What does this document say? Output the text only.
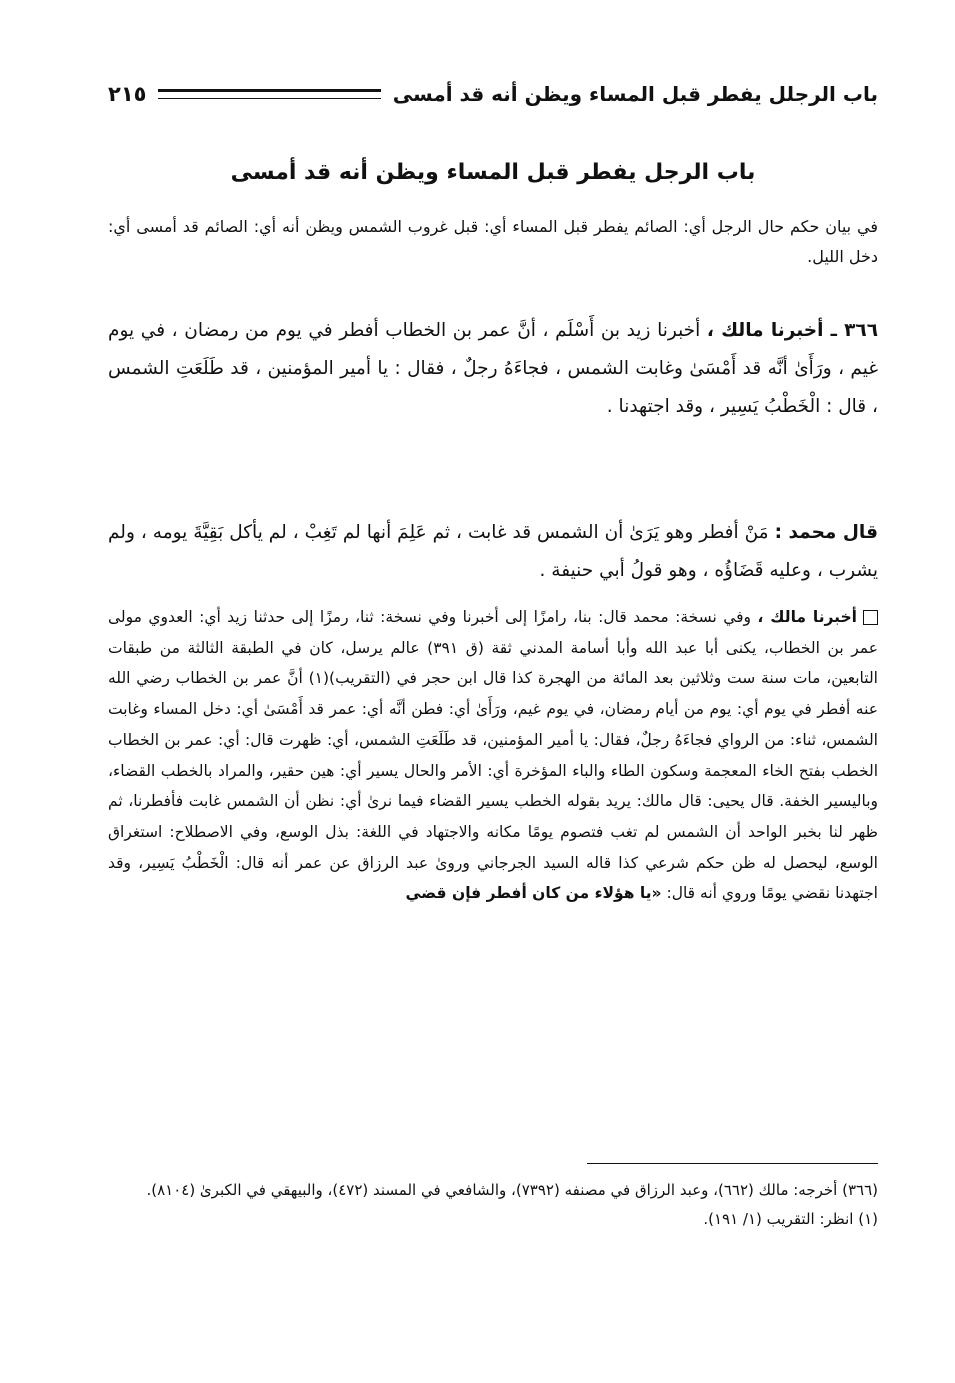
باب الرجلل يفطر قبل المساء ويظن أنه قد أمسى
٢١٥
باب الرجل يفطر قبل المساء ويظن أنه قد أمسى

في بيان حكم حال الرجل أي: الصائم يفطر قبل المساء أي: قبل غروب الشمس ويظن أنه أي: الصائم قد أمسى أي: دخل الليل.

٣٦٦ ـ أخبرنا مالك ، أخبرنا زيد بن أَسْلَم ، أنَّ عمر بن الخطاب أفطر في يوم من رمضان ، في يوم غيم ، ورَأَىٰ أنَّه قد أَمْسَىٰ وغابت الشمس ، فجاءَهُ رجلٌ ، فقال : يا أمير المؤمنين ، قد طَلَعَتِ الشمس ، قال : الْخَطْبُ يَسِير ، وقد اجتهدنا .

قال محمد : مَنْ أفطر وهو يَرَىٰ أن الشمس قد غابت ، ثم عَلِمَ أنها لم تَغِبْ ، لم يأكل بَقِيَّةَ يومه ، ولم يشرب ، وعليه قَضَاؤُه ، وهو قولُ أبي حنيفة .

أخبرنا مالك ، وفي نسخة: محمد قال: بنا، رامزًا إلى أخبرنا وفي نسخة: ثنا، رمزًا إلى حدثنا زيد أي: العدوي مولى عمر بن الخطاب، يكنى أبا عبد الله وأبا أسامة المدني ثقة (ق ٣٩١) عالم يرسل، كان في الطبقة الثالثة من طبقات التابعين، مات سنة ست وثلاثين بعد المائة من الهجرة كذا قال ابن حجر في (التقريب)(١) أنَّ عمر بن الخطاب رضي الله عنه أفطر في يوم أي: يوم من أيام رمضان، في يوم غيم، ورَأَىٰ أي: فطن أنَّه أي: عمر قد أَمْسَىٰ أي: دخل المساء وغابت الشمس، ثناء: من الرواي فجاءَهُ رجلٌ، فقال: يا أمير المؤمنين، قد طَلَعَتِ الشمس، أي: ظهرت قال: أي: عمر بن الخطاب الخطب بفتح الخاء المعجمة وسكون الطاء والباء المؤخرة أي: الأمر والحال يسير أي: هين حقير، والمراد بالخطب القضاء، وباليسير الخفة. قال يحيى: قال مالك: يريد بقوله الخطب يسير القضاء فيما نرىٰ أي: نظن أن الشمس غابت فأفطرنا، ثم ظهر لنا بخبر الواحد أن الشمس لم تغب فتصوم يومًا مكانه والاجتهاد في اللغة: بذل الوسع، وفي الاصطلاح: استغراق الوسع، ليحصل له ظن حكم شرعي كذا قاله السيد الجرجاني وروىٰ عبد الرزاق عن عمر أنه قال: الْخَطْبُ يَسِير، وقد اجتهدنا نقضي يومًا وروي أنه قال: «يا هؤلاء من كان أفطر فإن قضي

(٣٦٦) أخرجه: مالك (٦٦٢)، وعبد الرزاق في مصنفه (٧٣٩٢)، والشافعي في المسند (٤٧٢)، والبيهقي في الكبرىٰ (٨١٠٤).

(١) انظر: التقريب (١/ ١٩١).
